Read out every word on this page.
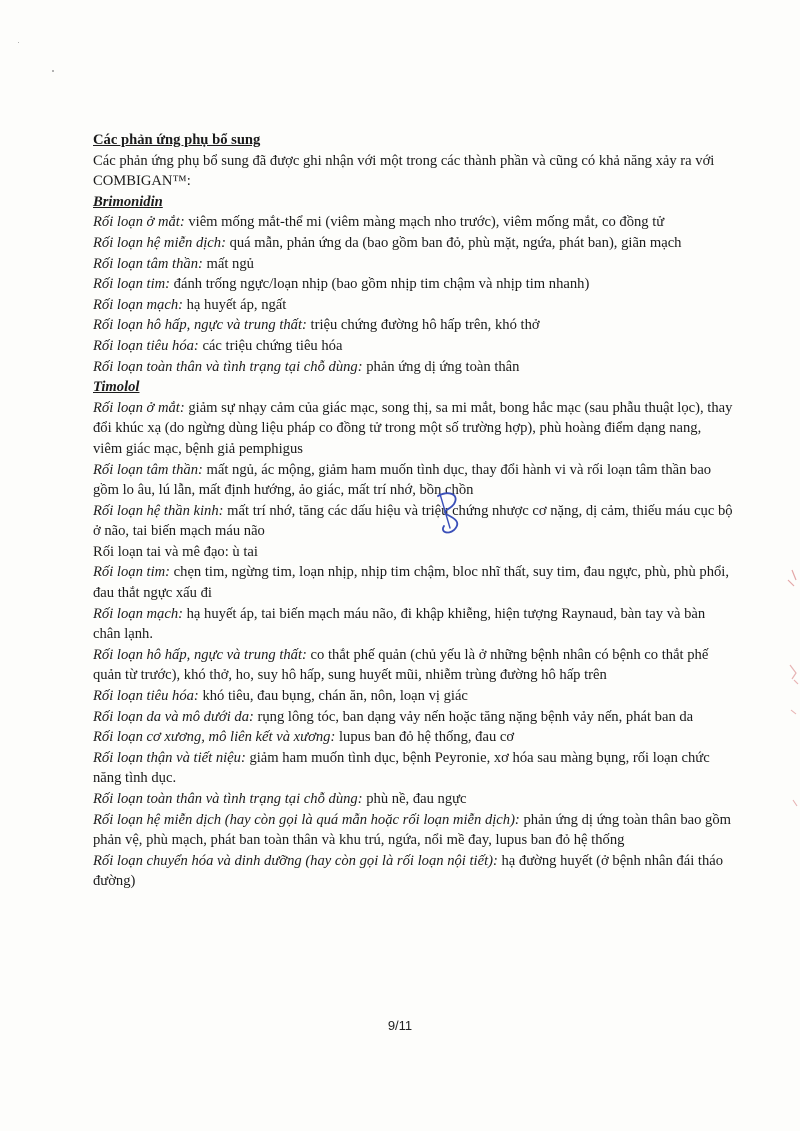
Các phản ứng phụ bổ sung

Các phản ứng phụ bổ sung đã được ghi nhận với một trong các thành phần và cũng có khả năng xảy ra với COMBIGAN™:

Brimonidin

Rối loạn ở mắt: viêm mống mắt-thể mi (viêm màng mạch nho trước), viêm mống mắt, co đồng tử

Rối loạn hệ miễn dịch: quá mẫn, phản ứng da (bao gồm ban đỏ, phù mặt, ngứa, phát ban), giãn mạch

Rối loạn tâm thần: mất ngủ

Rối loạn tim: đánh trống ngực/loạn nhịp (bao gồm nhịp tim chậm và nhịp tim nhanh)

Rối loạn mạch: hạ huyết áp, ngất

Rối loạn hô hấp, ngực và trung thất: triệu chứng đường hô hấp trên, khó thở

Rối loạn tiêu hóa: các triệu chứng tiêu hóa

Rối loạn toàn thân và tình trạng tại chỗ dùng: phản ứng dị ứng toàn thân

Timolol

Rối loạn ở mắt: giảm sự nhạy cảm của giác mạc, song thị, sa mi mắt, bong hắc mạc (sau phẫu thuật lọc), thay đổi khúc xạ (do ngừng dùng liệu pháp co đồng tử trong một số trường hợp), phù hoàng điểm dạng nang, viêm giác mạc, bệnh giả pemphigus

Rối loạn tâm thần: mất ngủ, ác mộng, giảm ham muốn tình dục, thay đổi hành vi và rối loạn tâm thần bao gồm lo âu, lú lẫn, mất định hướng, ảo giác, mất trí nhớ, bồn chồn

Rối loạn hệ thần kinh: mất trí nhớ, tăng các dấu hiệu và triệu chứng nhược cơ nặng, dị cảm, thiếu máu cục bộ ở não, tai biến mạch máu não

Rối loạn tai và mê đạo: ù tai

Rối loạn tim: chẹn tim, ngừng tim, loạn nhịp, nhịp tim chậm, bloc nhĩ thất, suy tim, đau ngực, phù, phù phổi, đau thắt ngực xấu đi

Rối loạn mạch: hạ huyết áp, tai biến mạch máu não, đi khập khiễng, hiện tượng Raynaud, bàn tay và bàn chân lạnh.

Rối loạn hô hấp, ngực và trung thất: co thắt phế quản (chủ yếu là ở những bệnh nhân có bệnh co thắt phế quản từ trước), khó thở, ho, suy hô hấp, sung huyết mũi, nhiễm trùng đường hô hấp trên

Rối loạn tiêu hóa: khó tiêu, đau bụng, chán ăn, nôn, loạn vị giác

Rối loạn da và mô dưới da: rụng lông tóc, ban dạng vảy nến hoặc tăng nặng bệnh vảy nến, phát ban da

Rối loạn cơ xương, mô liên kết và xương: lupus ban đỏ hệ thống, đau cơ

Rối loạn thận và tiết niệu: giảm ham muốn tình dục, bệnh Peyronie, xơ hóa sau màng bụng, rối loạn chức năng tình dục.

Rối loạn toàn thân và tình trạng tại chỗ dùng: phù nề, đau ngực

Rối loạn hệ miễn dịch (hay còn gọi là quá mẫn hoặc rối loạn miễn dịch): phản ứng dị ứng toàn thân bao gồm phản vệ, phù mạch, phát ban toàn thân và khu trú, ngứa, nổi mề đay, lupus ban đỏ hệ thống

Rối loạn chuyển hóa và dinh dưỡng (hay còn gọi là rối loạn nội tiết): hạ đường huyết (ở bệnh nhân đái tháo đường)

9/11
